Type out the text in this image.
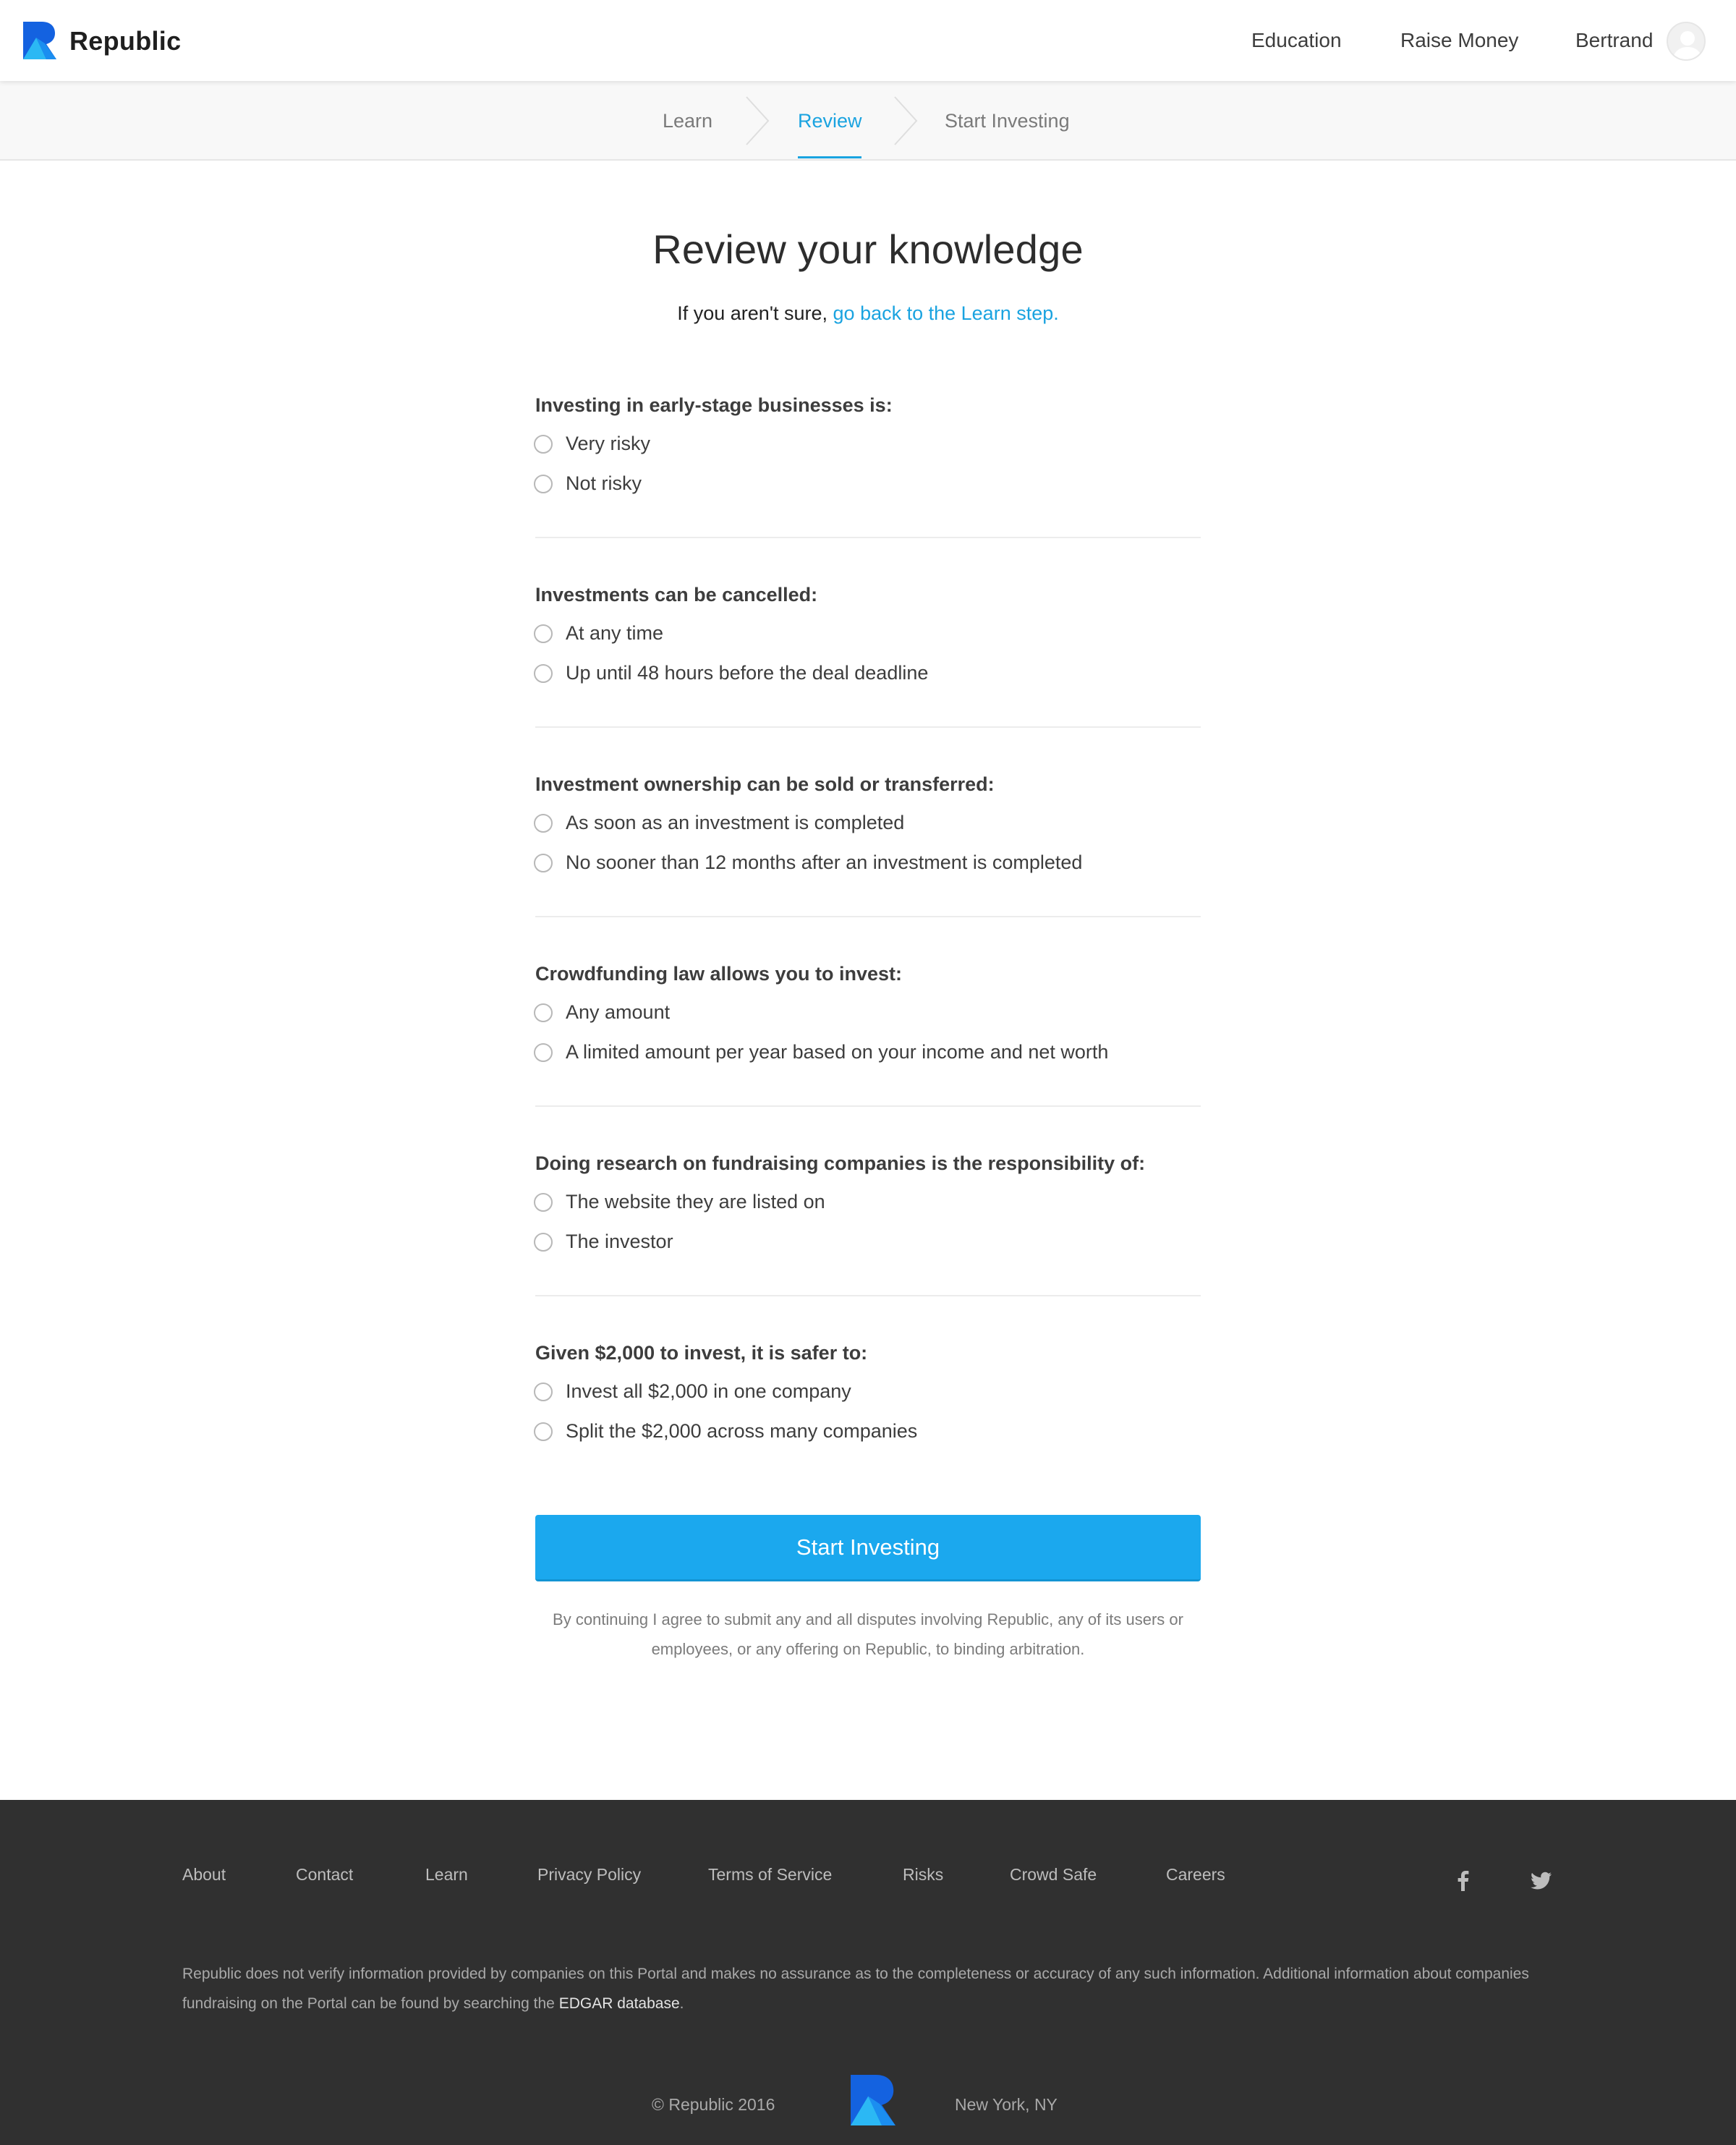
Republic	Education	Raise Money	Bertrand
Learn	Review	Start Investing
Review your knowledge
If you aren't sure, go back to the Learn step.
Investing in early-stage businesses is:
Very risky
Not risky
Investments can be cancelled:
At any time
Up until 48 hours before the deal deadline
Investment ownership can be sold or transferred:
As soon as an investment is completed
No sooner than 12 months after an investment is completed
Crowdfunding law allows you to invest:
Any amount
A limited amount per year based on your income and net worth
Doing research on fundraising companies is the responsibility of:
The website they are listed on
The investor
Given $2,000 to invest, it is safer to:
Invest all $2,000 in one company
Split the $2,000 across many companies
Start Investing

By continuing I agree to submit any and all disputes involving Republic, any of its users or employees, or any offering on Republic, to binding arbitration.

About	Contact	Learn	Privacy Policy	Terms of Service	Risks	Crowd Safe	Careers

Republic does not verify information provided by companies on this Portal and makes no assurance as to the completeness or accuracy of any such information. Additional information about companies fundraising on the Portal can be found by searching the EDGAR database.

© Republic 2016	New York, NY
